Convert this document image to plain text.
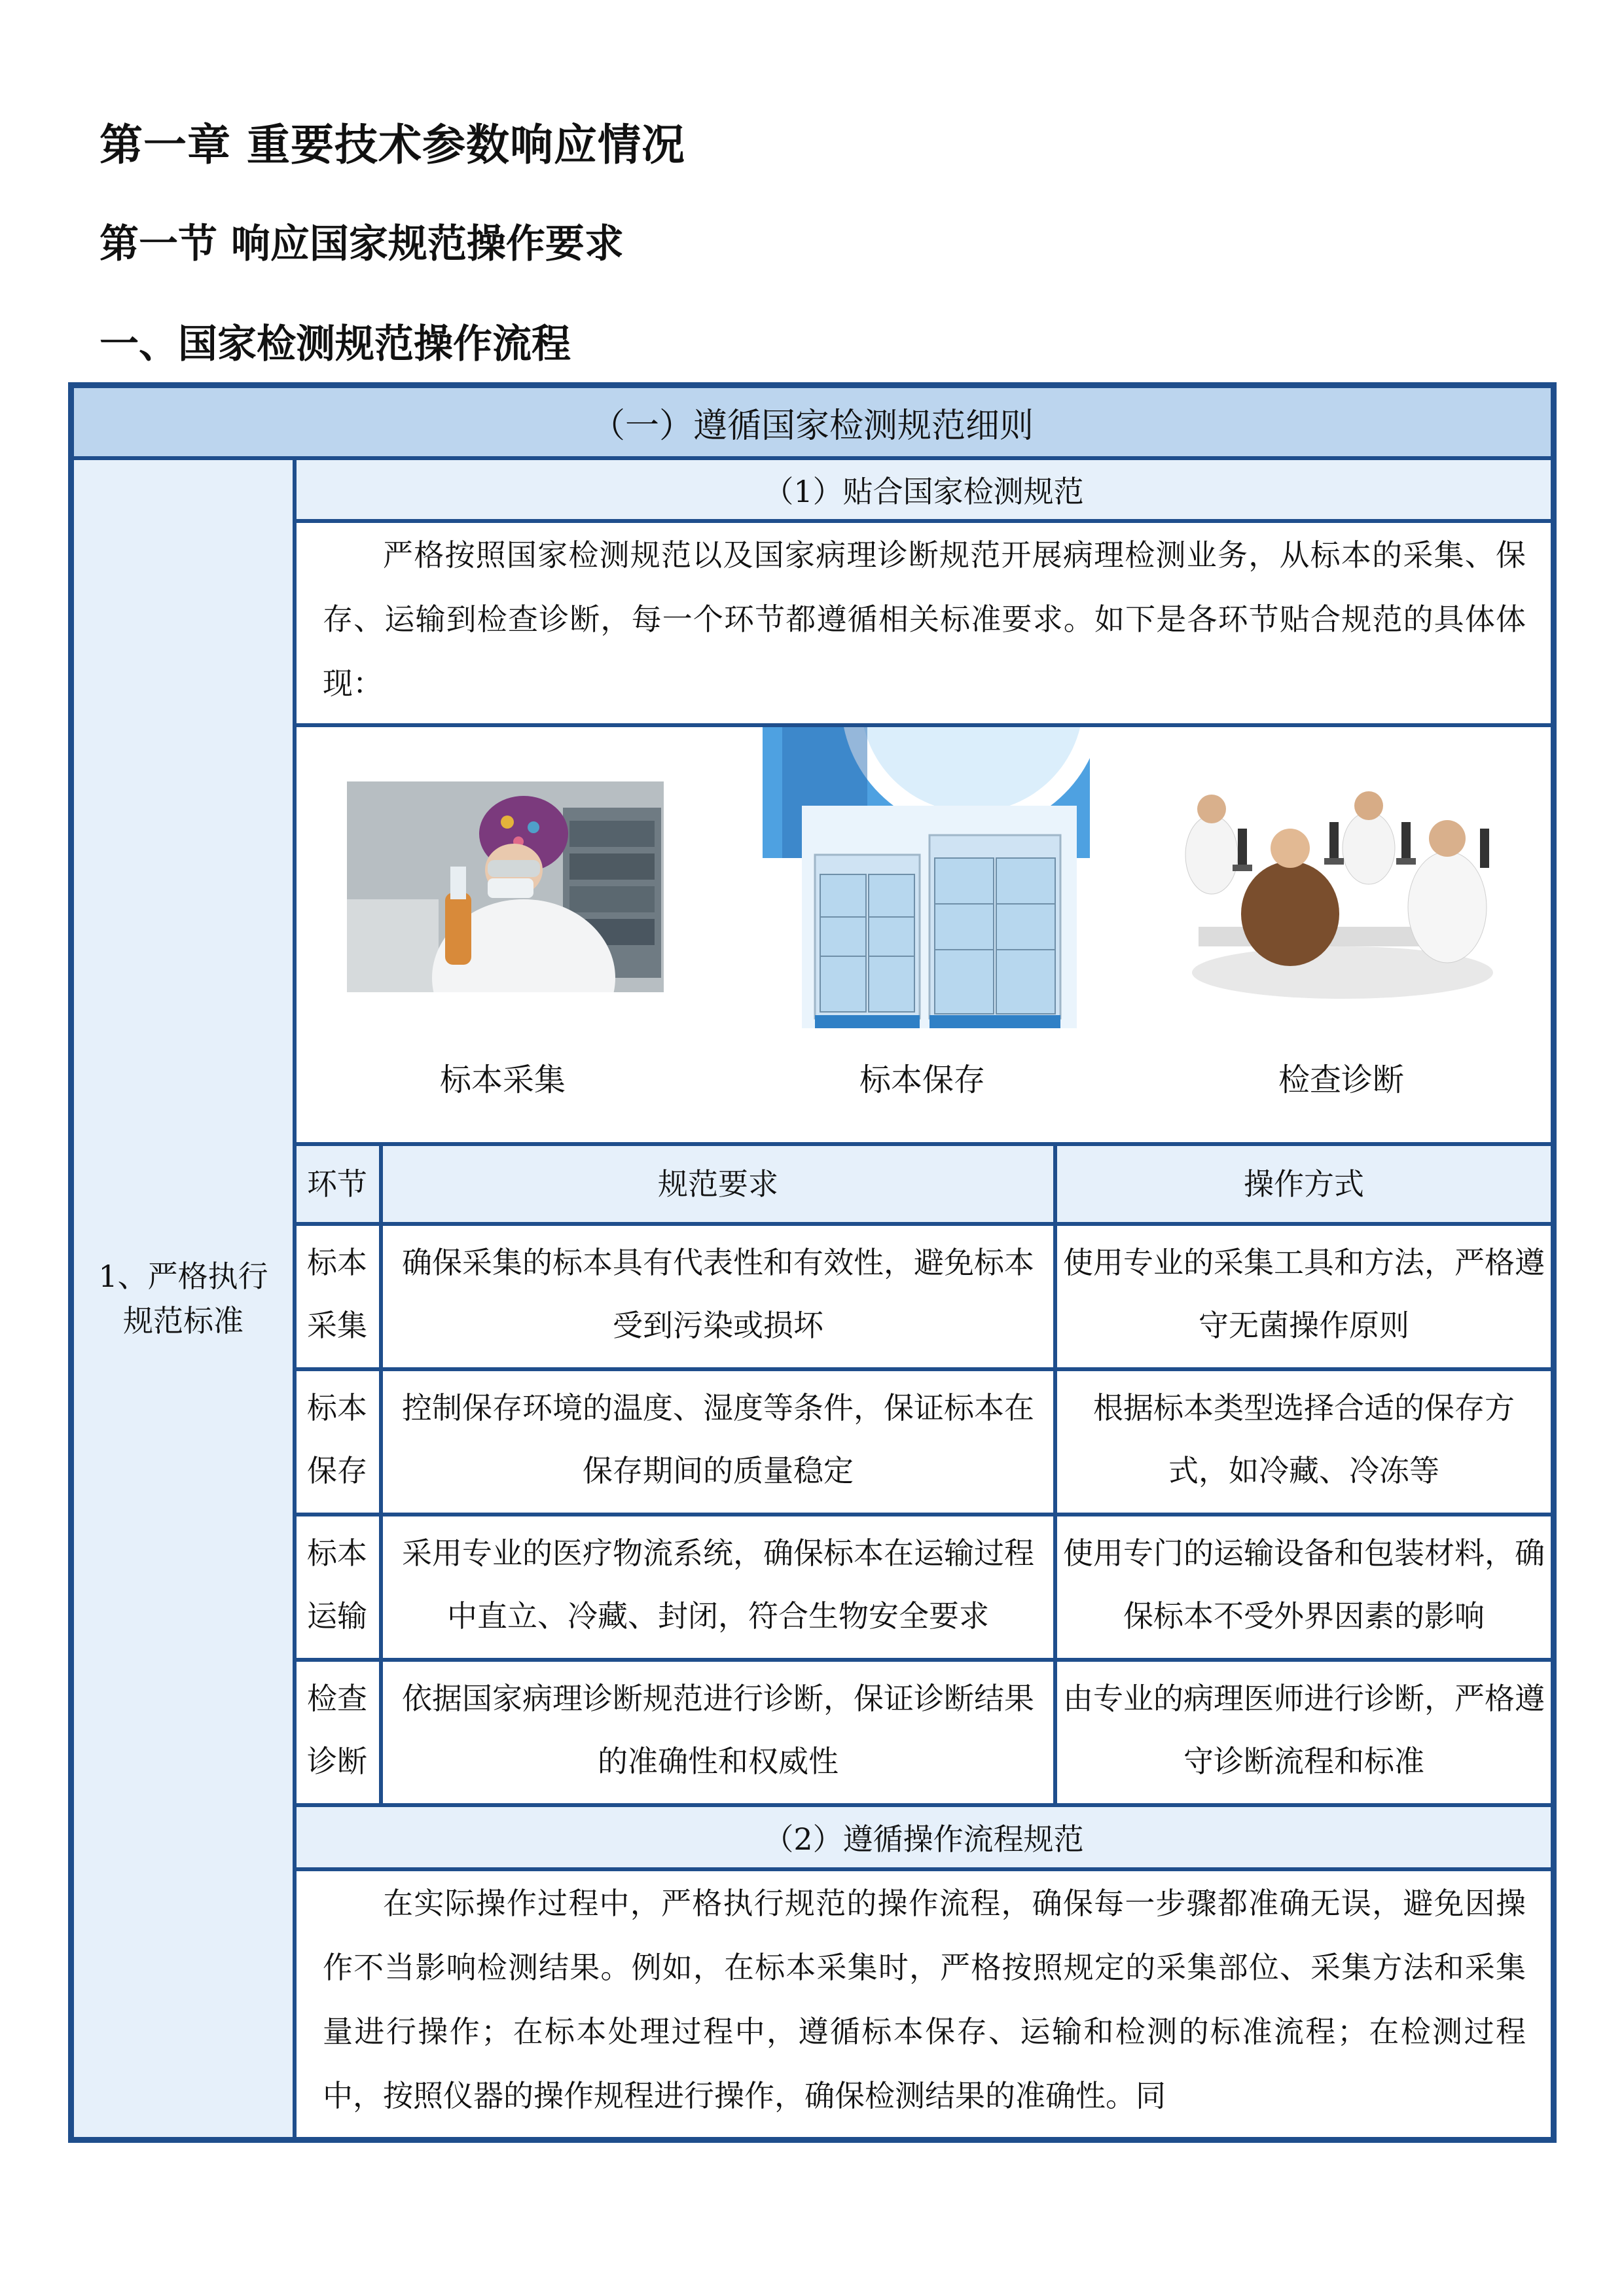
第一章 重要技术参数响应情况
第一节 响应国家规范操作要求
一、国家检测规范操作流程
（一）遵循国家检测规范细则
1、严格执行规范标准
（1）贴合国家检测规范
严格按照国家检测规范以及国家病理诊断规范开展病理检测业务，从标本的采集、保存、运输到检查诊断，每一个环节都遵循相关标准要求。如下是各环节贴合规范的具体体现：
标本采集	标本保存	检查诊断
环节	规范要求	操作方式
标本采集
确保采集的标本具有代表性和有效性，避免标本受到污染或损坏
使用专业的采集工具和方法，严格遵守无菌操作原则
标本保存
控制保存环境的温度、湿度等条件，保证标本在保存期间的质量稳定
根据标本类型选择合适的保存方式，如冷藏、冷冻等
标本运输
采用专业的医疗物流系统，确保标本在运输过程中直立、冷藏、封闭，符合生物安全要求
使用专门的运输设备和包装材料，确保标本不受外界因素的影响
检查诊断
依据国家病理诊断规范进行诊断，保证诊断结果的准确性和权威性
由专业的病理医师进行诊断，严格遵守诊断流程和标准
（2）遵循操作流程规范
在实际操作过程中，严格执行规范的操作流程，确保每一步骤都准确无误，避免因操作不当影响检测结果。例如，在标本采集时，严格按照规定的采集部位、采集方法和采集量进行操作；在标本处理过程中，遵循标本保存、运输和检测的标准流程；在检测过程中，按照仪器的操作规程进行操作，确保检测结果的准确性。同
